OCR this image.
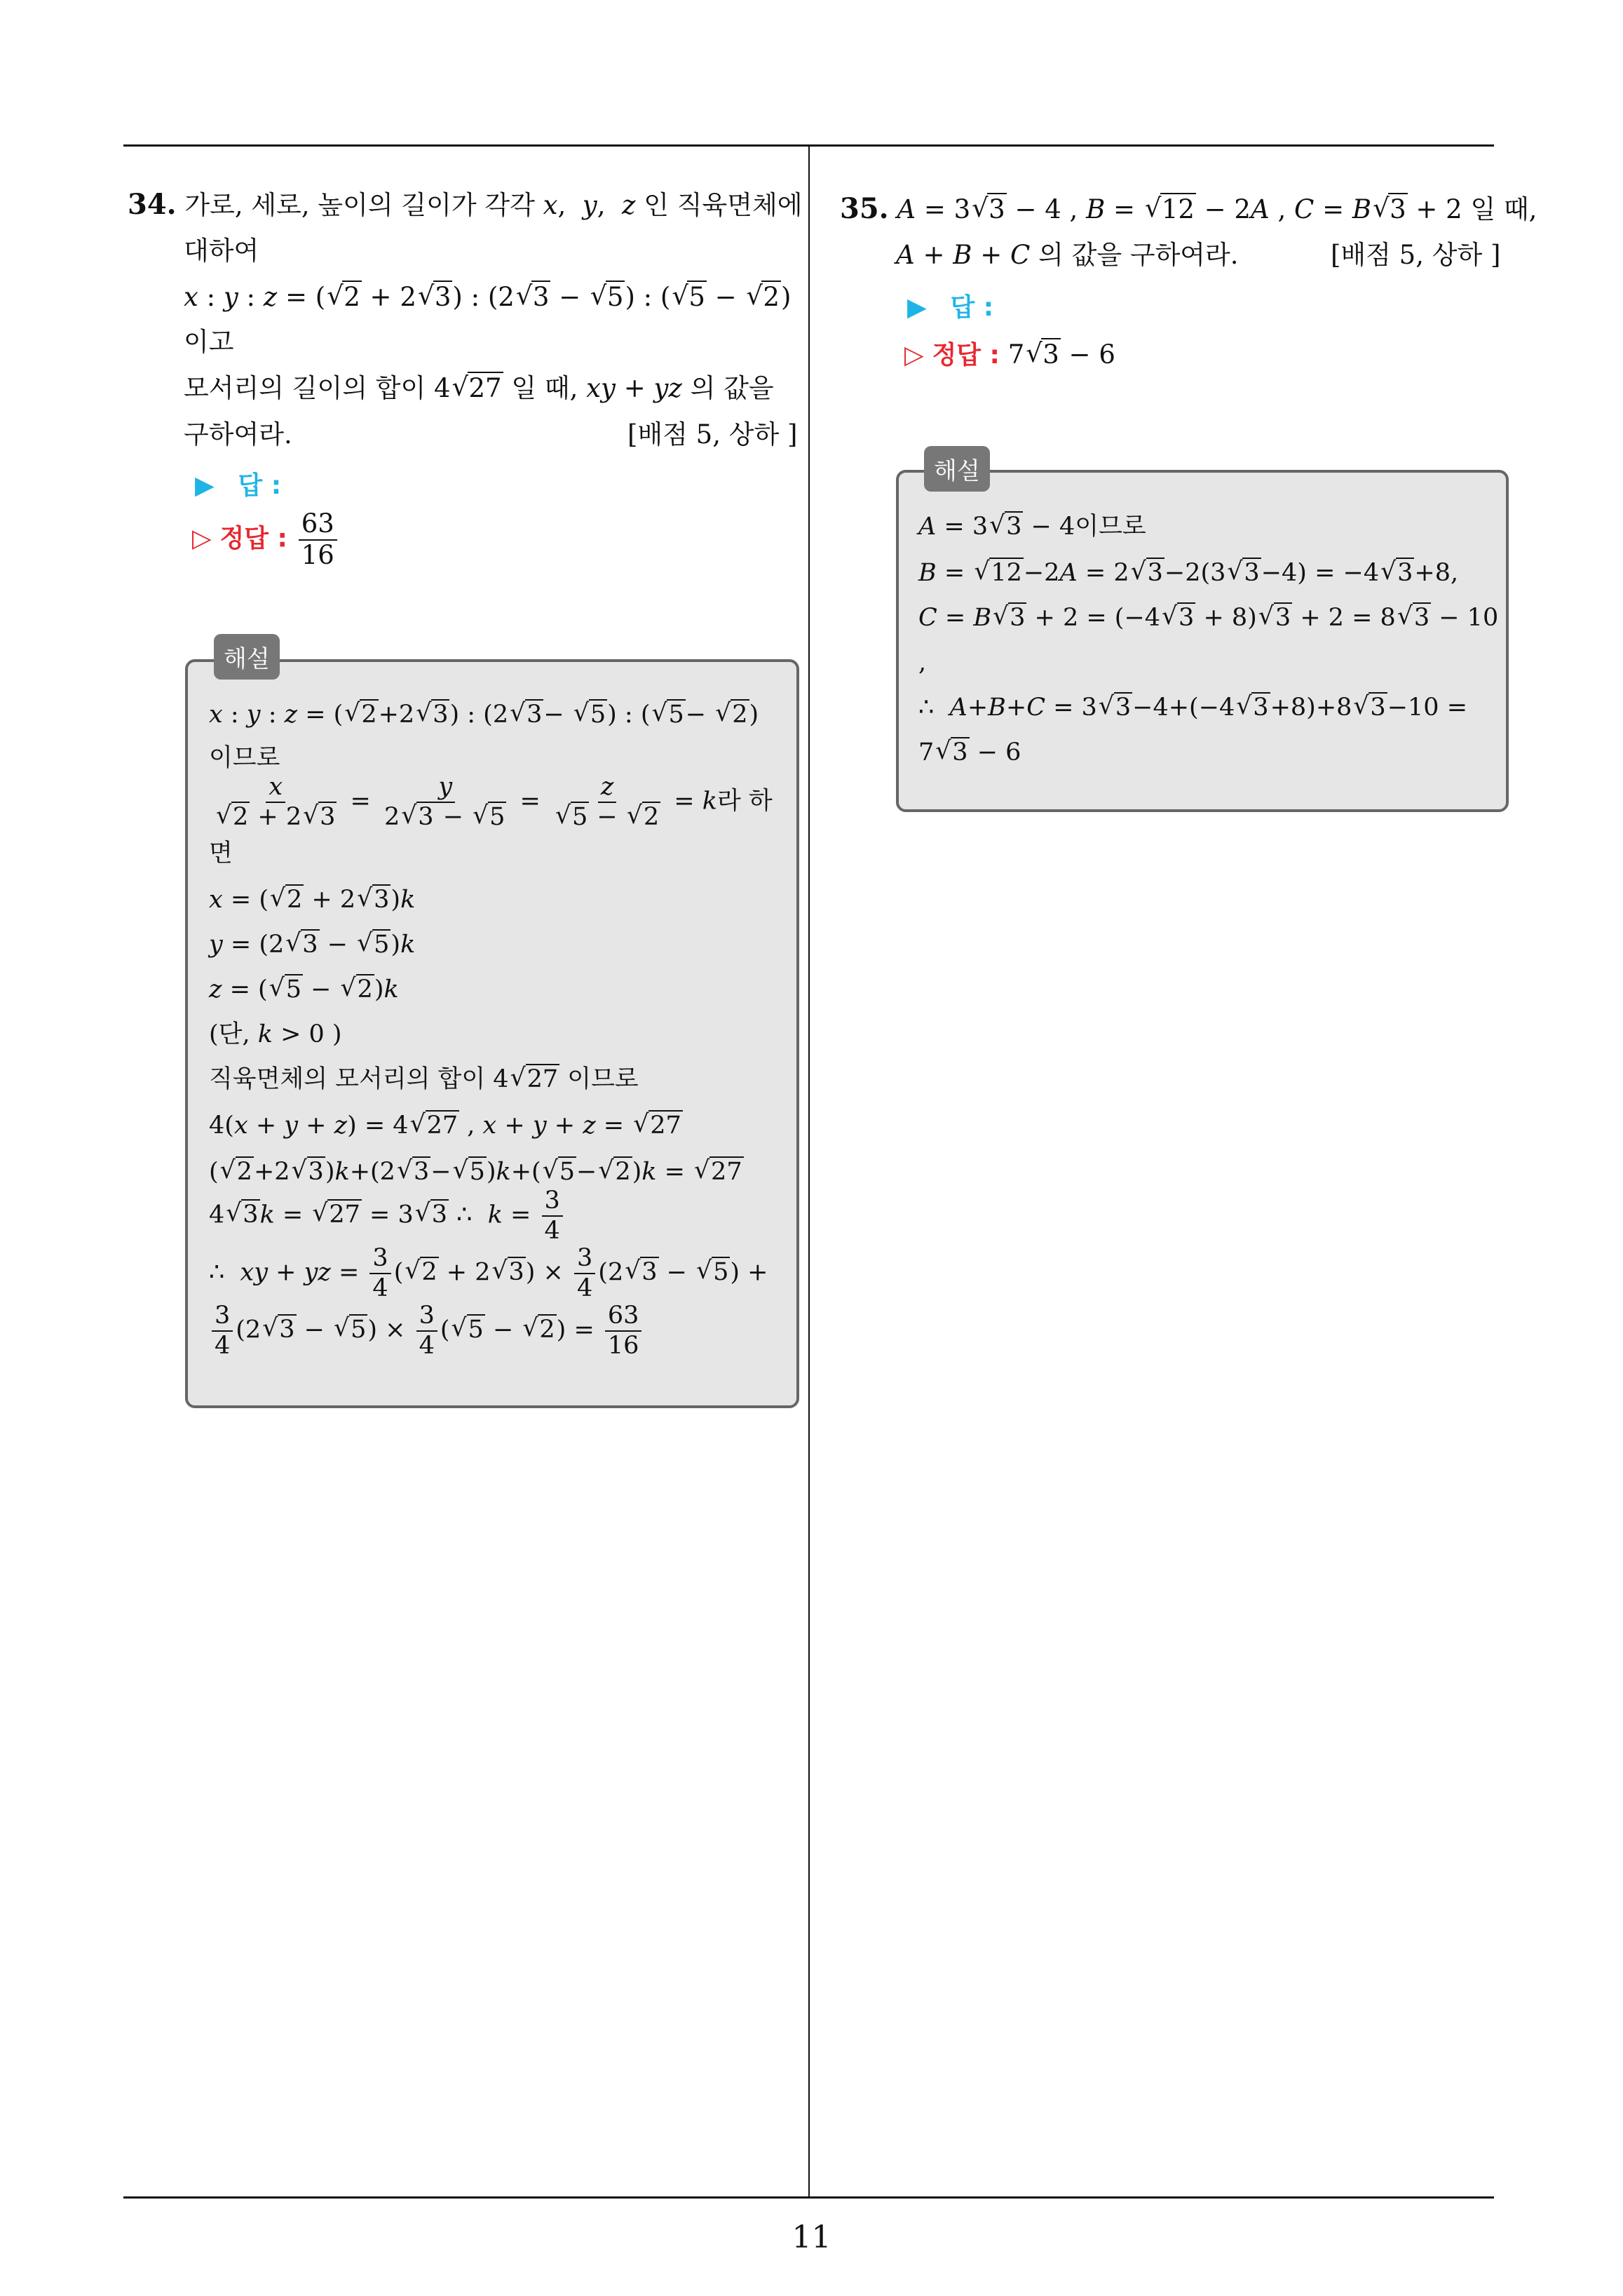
34. 가로, 세로, 높이의 길이가 각각 x,  y,  z 인 직육면체에
대하여
x : y : z = (√ 2 + 2√ 3) : (2√ 3 − √ 5) : (√ 5 − √ 2)
이고
모서리의 길이의 합이 4√ 27 일 때, xy + yz 의 값을
구하여라.	[배점 5, 상하 ]
▶ 답 :
▷ 정답 : $\frac{63}{16}$
해설
x : y : z = (√ 2+2√ 3) : (2√ 3− √ 5) : (√ 5− √ 2)
이므로
x
√ 2 + 2√ $3 = \frac{y}{2√ 3 - √ 5} = z$
√ 5 − √ 2 = k라 하
면
x = (√ 2 + 2√ 3)k
y = (2√ 3 − √ 5)k
z = (√ 5 − √ 2)k
(단, k > 0 )
직육면체의 모서리의 합이 4√ 27 이므로
4(x + y + z) = 4√ 27 , x + y + z = √ 27
(√ 2+2√ 3)k+(2√ 3−√ 5)k+(√ 5−√ 2)k = √ 27
4√ 3k = √ 27 = 3√ 3 ∴  $k = \frac{3}{4}$
∴  xy + yz = $\frac{3}{4}$ (√ 2 + 2√ $3) \times \frac{3}{4} (2√$ 3 − √ 5) +
$\frac{3}{4} (2√$ 3 − √ $5) \times \frac{3}{4}$ (√ 5 − √ $2) = \frac{63}{16}$
35. A = 3√ 3 − 4 , B = √ 12 − 2A , C = B√ 3 + 2 일 때,
A + B + C 의 값을 구하여라.	[배점 5, 상하 ]
▶ 답 :
▷ 정답 : 7√ 3 − 6
해설
A = 3√ 3 − 4이므로
B = √ 12−2A = 2√ 3−2(3√ 3−4) = −4√ 3+8,
C = B√ 3 + 2 = (−4√ 3 + 8)√ 3 + 2 = 8√ 3 − 10
,
∴  A+B+C = 3√ 3−4+(−4√ 3+8)+8√ 3−10 =
7√ 3 − 6
11
